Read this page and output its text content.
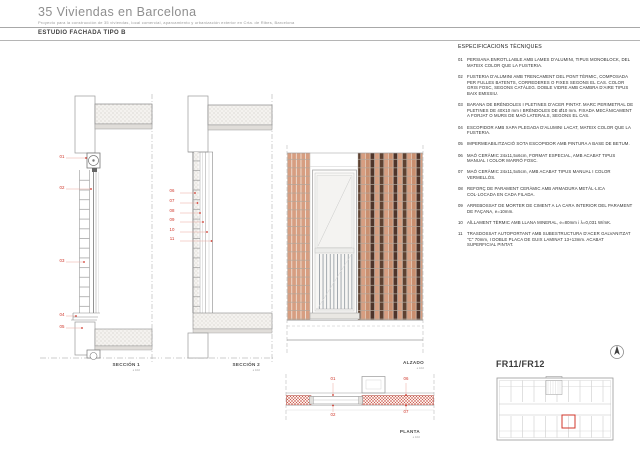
35 Viviendas en Barcelona
Proyecto para la construcción de 35 viviendas, local comercial, aparcamiento y urbanización exterior en Crta. de Ribes, Barcelona
ESTUDIO FACHADA TIPO B
01
02
03
04
05
SECCIÓN 1
e 1/10
06
07
08
09
10
11
SECCIÓN 2
e 1/10
ALZADO
e 1/10
01
02
06
07
PLANTA
e 1/10
ESPECIFICACIONS TÈCNIQUES
01 PERSIANA ENROTLLABLE AMB LAMES D'ALUMINI, TIPUS MONOBLOCK, DEL MATEIX COLOR QUE LA FUSTERIA.
02 FUSTERIA D'ALUMINI AMB TRENCAMENT DEL PONT TÈRMIC, COMPOSADA PER FULLES BATENTS, CORREDERES O FIXES SEGONS EL CAS. COLOR GRIS FOSC, SEGONS CATÀLEG. DOBLE VIDRE AMB CAMBRA D'AIRE TIPUS BAIX EMISSIU.
03 BARANA DE BRÈNDOLES I PLETINES D'ACER PINTAT. MARC PERIMETRAL DE PLETINES DE 40X10 mm I BRÈNDOLES DE Ø10 mm. FIXADA MECÀNICAMENT A FORJAT O MURS DE MAÓ LATERALS, SEGONS EL CAS.
04 ESCOPIDOR AMB XAPA PLEGADA D'ALUMINI LACAT, MATEIX COLOR QUE LA FUSTERIA.
05 IMPERMEABILITZACIÓ SOTA ESCOPIDOR AMB PINTURA A BASE DE BETUM.
06 MAÓ CERÀMIC 24x11,5x6cm, FORMAT ESPECIAL, AMB ACABAT TIPUS MANUAL I COLOR MARRÓ FOSC.
07 MAÓ CERÀMIC 24x11,5x5cm, AMB ACABAT TIPUS MANUAL I COLOR VERMELLÓS.
08 REFORÇ DE PARAMENT CERÀMIC AMB ARMADURA METÀL·LICA COL·LOCADA EN CADA FILADA.
09 ARREBOSSAT DE MORTER DE CIMENT A LA CARA INTERIOR DEL PARAMENT DE FAÇANA, e=10mm.
10 AÏLLAMENT TÈRMIC AMB LLANA MINERAL, e=80mm i λ=0,031 W/mK.
11	TRASDOSSAT AUTOPORTANT AMB SUBESTRUCTURA D'ACER GALVANITZAT "C" 70mm, I DOBLE PLACA DE GUIX LAMINAT 13+13mm. ACABAT SUPERFICIAL PINTAT.
FR11/FR12
